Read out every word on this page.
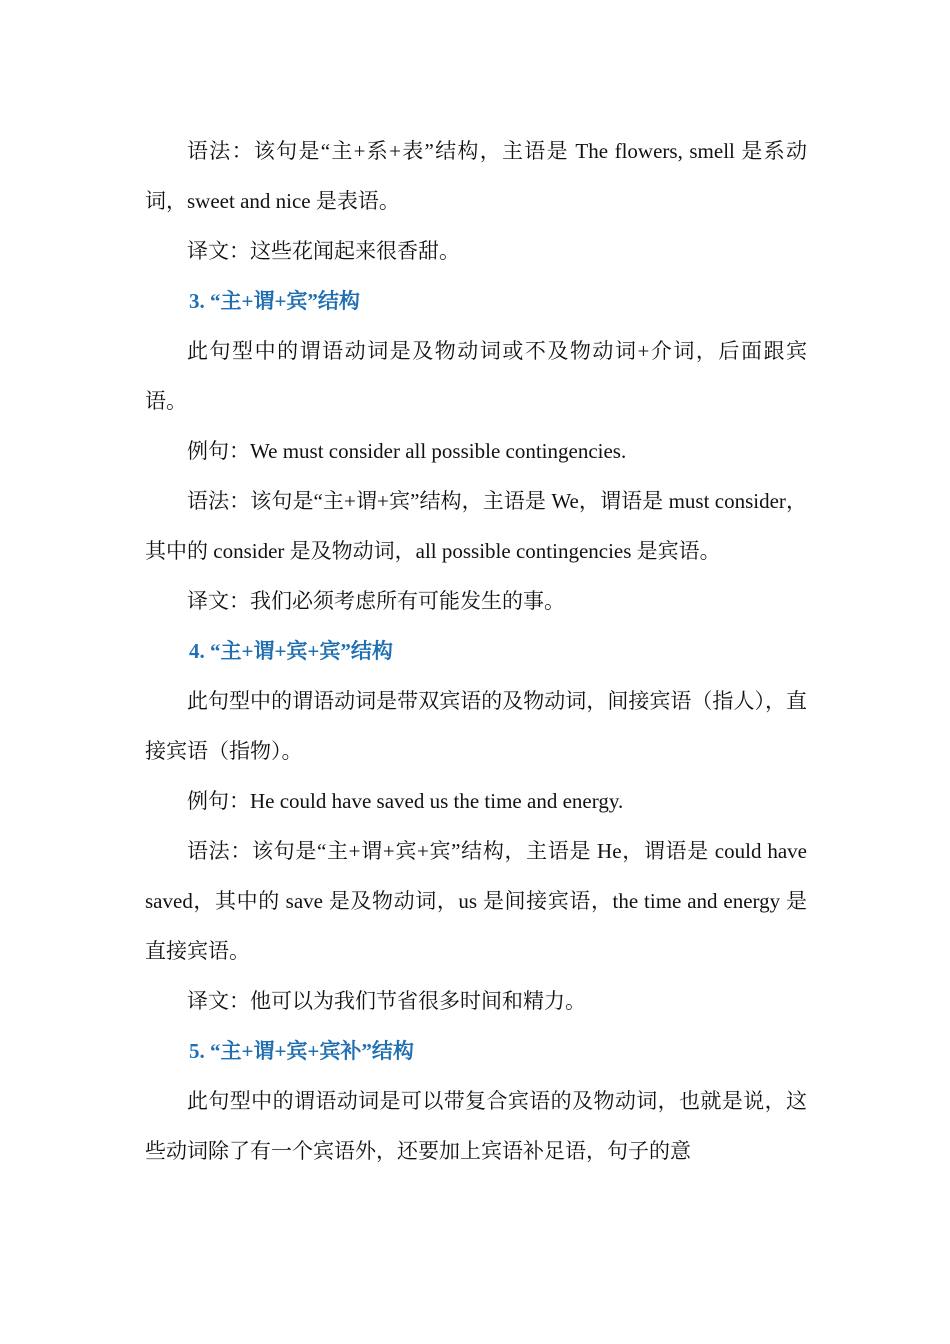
语法：该句是“主+系+表”结构，主语是 The flowers, smell 是系动词，sweet and nice 是表语。

译文：这些花闻起来很香甜。

3. “主+谓+宾”结构

此句型中的谓语动词是及物动词或不及物动词+介词，后面跟宾语。

例句：We must consider all possible contingencies.

语法：该句是“主+谓+宾”结构，主语是 We，谓语是 must consider，其中的 consider 是及物动词，all possible contingencies 是宾语。

译文：我们必须考虑所有可能发生的事。

4. “主+谓+宾+宾”结构

此句型中的谓语动词是带双宾语的及物动词，间接宾语（指人），直接宾语（指物）。

例句：He could have saved us the time and energy.

语法：该句是“主+谓+宾+宾”结构，主语是 He，谓语是 could have saved，其中的 save 是及物动词，us 是间接宾语，the time and energy 是直接宾语。

译文：他可以为我们节省很多时间和精力。

5. “主+谓+宾+宾补”结构

此句型中的谓语动词是可以带复合宾语的及物动词，也就是说，这些动词除了有一个宾语外，还要加上宾语补足语，句子的意
